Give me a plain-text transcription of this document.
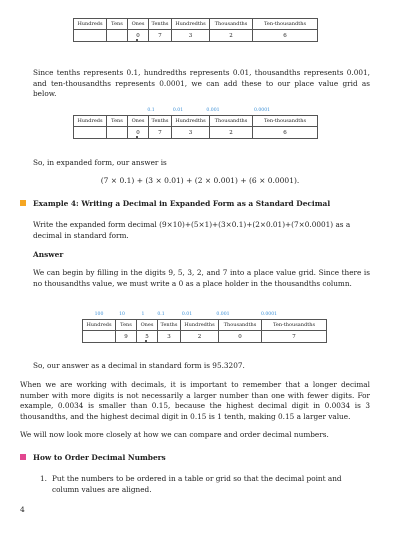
Hundreds	Tens	Ones	Tenths	Hundredths	Thousandths	Ten-thousandths
		0	7	3	2	6

Since tenths represents 0.1, hundredths represents 0.01, thousandths represents 0.001, and ten-thousandths represents 0.0001, we can add these to our place value grid as below.

0.1	0.01	0.001	0.0001
Hundreds	Tens	Ones	Tenths	Hundredths	Thousandths	Ten-thousandths
		0	7	3	2	6

So, in expanded form, our answer is

(7 × 0.1) + (3 × 0.01) + (2 × 0.001) + (6 × 0.0001).
Example 4: Writing a Decimal in Expanded Form as a Standard Decimal

Write the expanded form decimal (9×10)+(5×1)+(3×0.1)+(2×0.01)+(7×0.0001) as a decimal in standard form.

Answer

We can begin by filling in the digits 9, 5, 3, 2, and 7 into a place value grid. Since there is no thousandths value, we must write a 0 as a place holder in the thousandths column.

100	10	1	0.1	0.01	0.001	0.0001
Hundreds	Tens	Ones	Tenths	Hundredths	Thousandths	Ten-thousandths
	9	5	3	2	0	7

So, our answer as a decimal in standard form is 95.3207.

When we are working with decimals, it is important to remember that a longer decimal number with more digits is not necessarily a larger number than one with fewer digits. For example, 0.0034 is smaller than 0.15, because the highest decimal digit in 0.0034 is 3 thousandths, and the highest decimal digit in 0.15 is 1 tenth, making 0.15 a larger value.

We will now look more closely at how we can compare and order decimal numbers.

How to Order Decimal Numbers
1. Put the numbers to be ordered in a table or grid so that the decimal point and column values are aligned.

4
